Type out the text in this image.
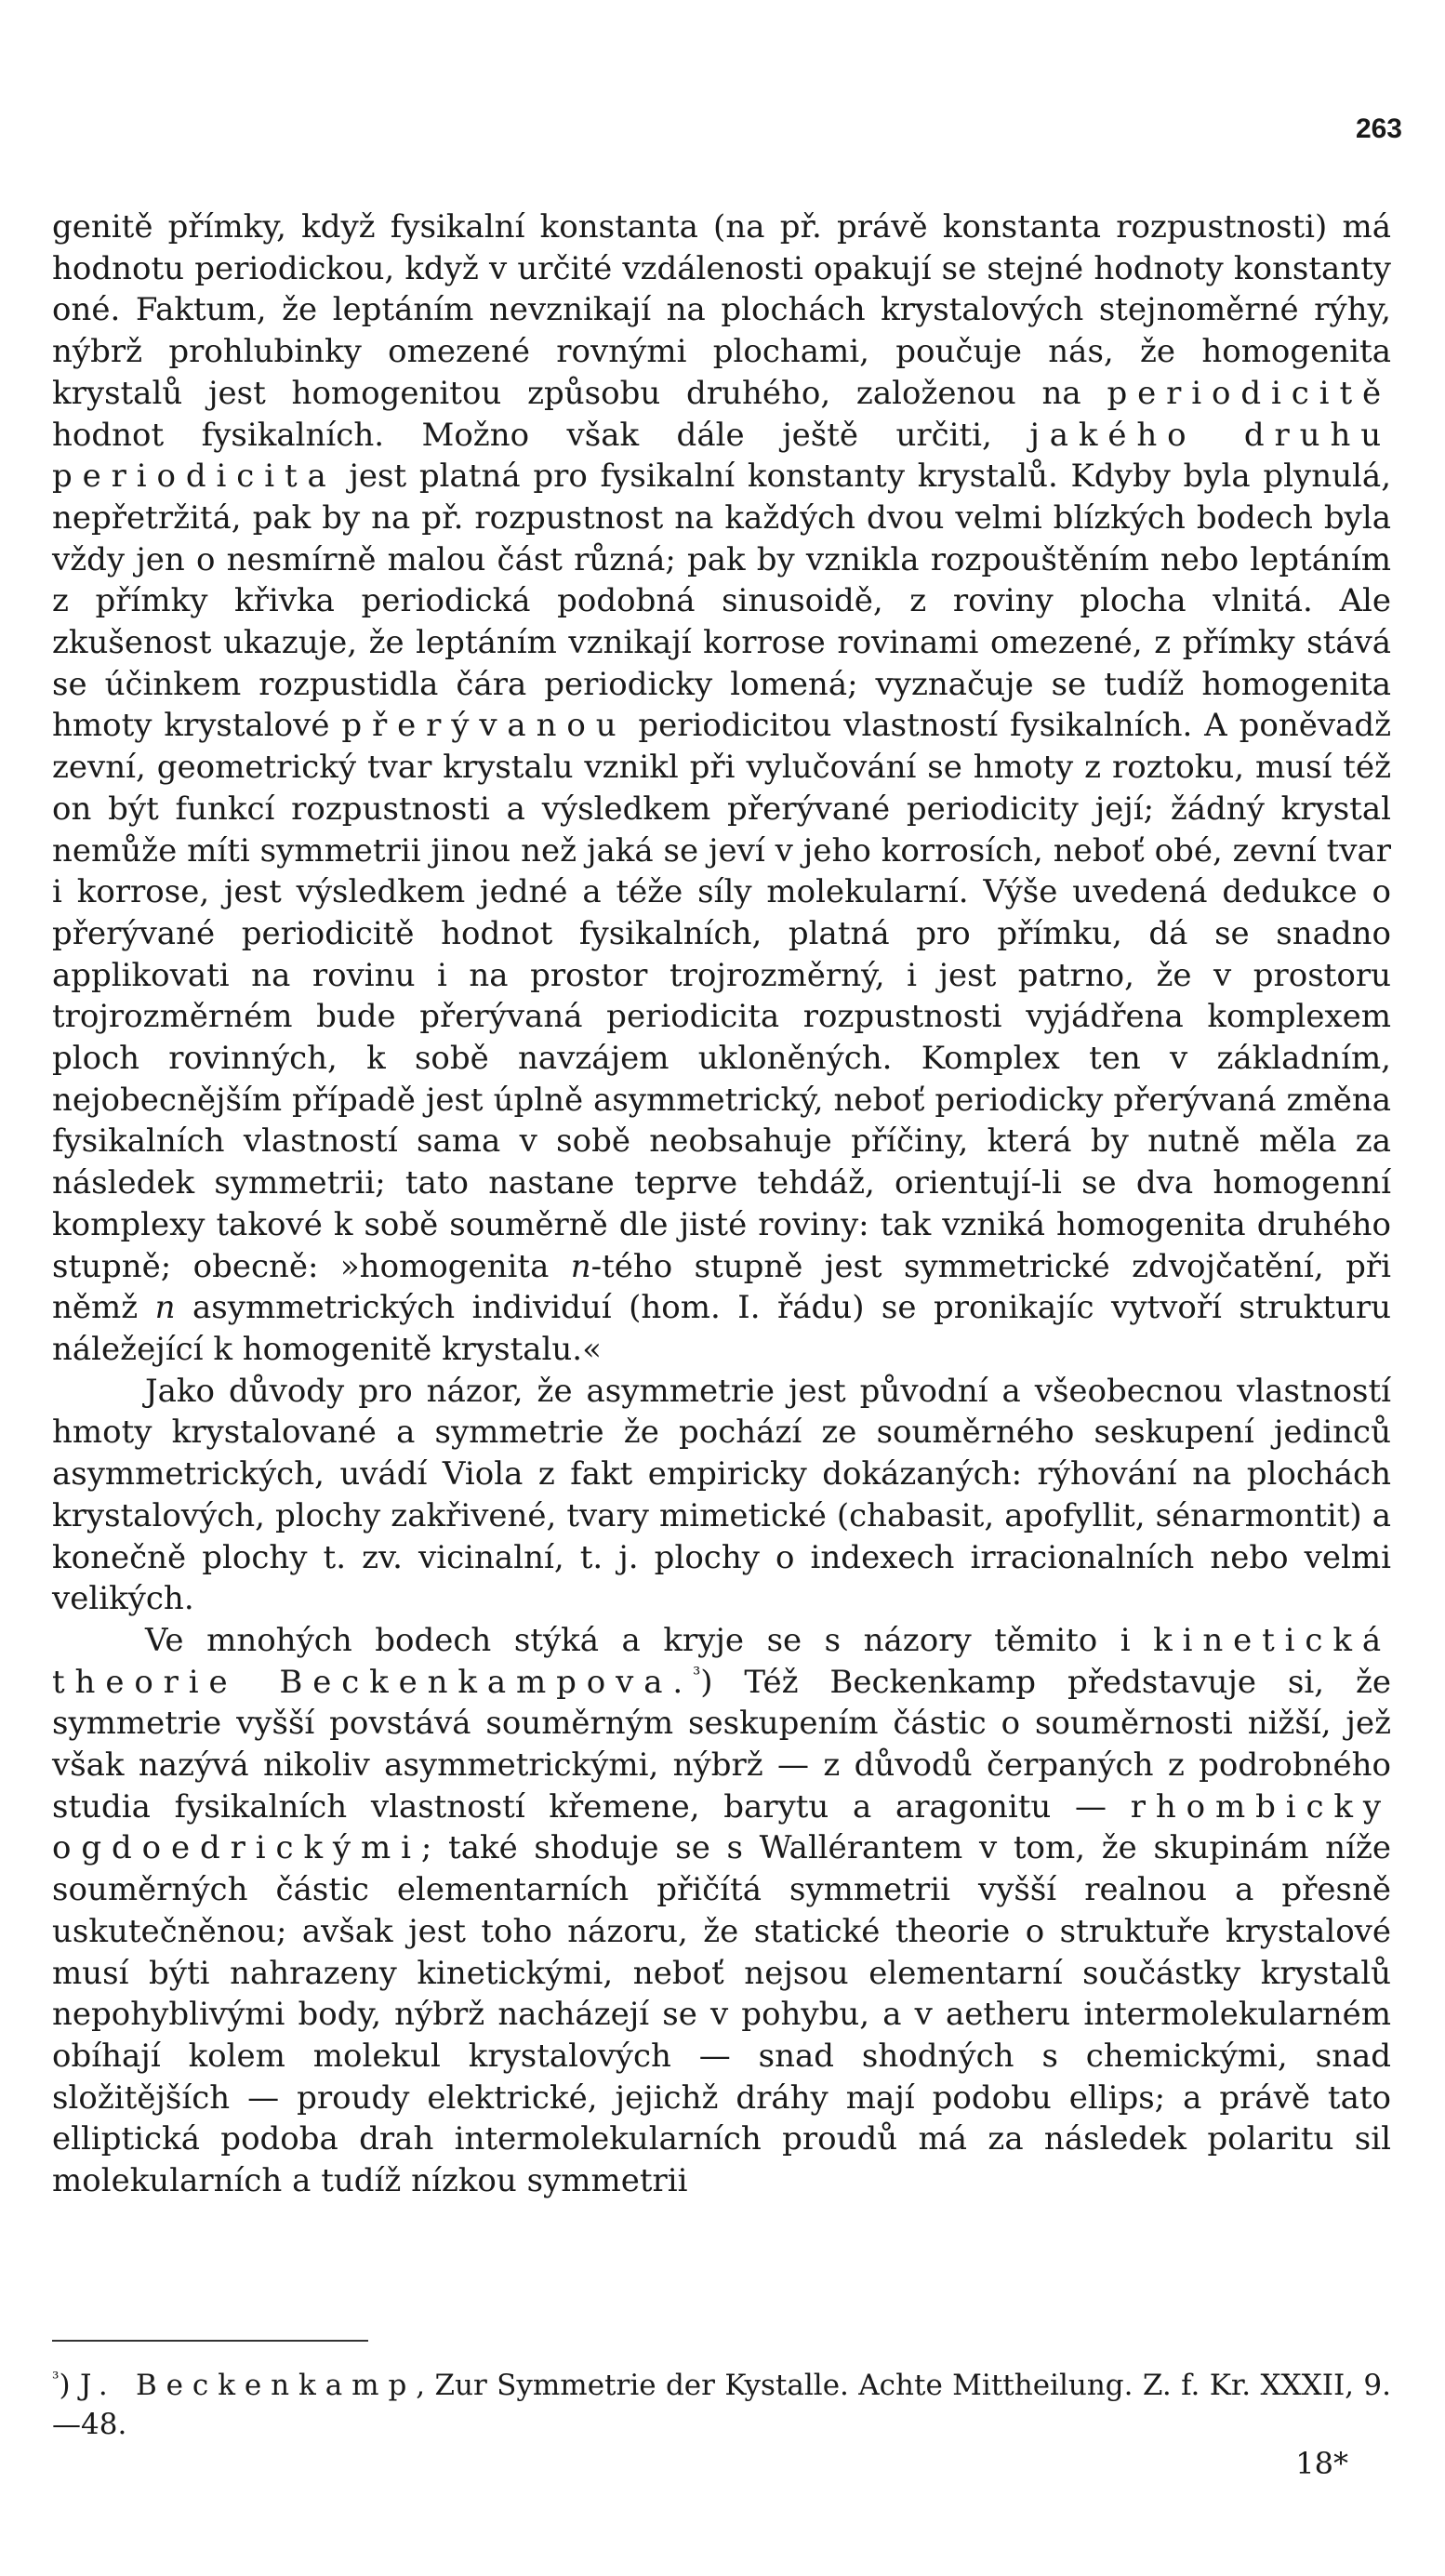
263

genitě přímky, když fysikalní konstanta (na př. právě konstanta rozpustnosti) má hodnotu periodickou, když v určité vzdálenosti opakují se stejné hodnoty konstanty oné. Faktum, že leptáním nevznikají na plochách krystalových stejnoměrné rýhy, nýbrž prohlubinky omezené rovnými plochami, poučuje nás, že homogenita krystalů jest homogenitou způsobu druhého, založenou na periodicitě hodnot fysikalních. Možno však dále ještě určiti, jakého druhu periodicita jest platná pro fysikalní konstanty krystalů. Kdyby byla plynulá, nepřetržitá, pak by na př. rozpustnost na každých dvou velmi blízkých bodech byla vždy jen o nesmírně malou část různá; pak by vznikla rozpouštěním nebo leptáním z přímky křivka periodická podobná sinusoidě, z roviny plocha vlnitá. Ale zkušenost ukazuje, že leptáním vznikají korrose rovinami omezené, z přímky stává se účinkem rozpustidla čára periodicky lomená; vyznačuje se tudíž homogenita hmoty krystalové přerývanou periodicitou vlastností fysikalních. A poněvadž zevní, geometrický tvar krystalu vznikl při vylučování se hmoty z roztoku, musí též on být funkcí rozpustnosti a výsledkem přerývané periodicity její; žádný krystal nemůže míti symmetrii jinou než jaká se jeví v jeho korrosích, neboť obé, zevní tvar i korrose, jest výsledkem jedné a téže síly molekularní. Výše uvedená dedukce o přerývané periodicitě hodnot fysikalních, platná pro přímku, dá se snadno applikovati na rovinu i na prostor trojrozměrný, i jest patrno, že v prostoru trojrozměrném bude přerývaná periodicita rozpustnosti vyjádřena komplexem ploch rovinných, k sobě navzájem ukloněných. Komplex ten v základním, nejobecnějším případě jest úplně asymmetrický, neboť periodicky přerývaná změna fysikalních vlastností sama v sobě neobsahuje příčiny, která by nutně měla za následek symmetrii; tato nastane teprve tehdáž, orientují-li se dva homogenní komplexy takové k sobě souměrně dle jisté roviny: tak vzniká homogenita druhého stupně; obecně: »homogenita n-tého stupně jest symmetrické zdvojčatění, při němž n asymmetrických individuí (hom. I. řádu) se pronikajíc vytvoří strukturu náležející k homogenitě krystalu.«

Jako důvody pro názor, že asymmetrie jest původní a všeobecnou vlastností hmoty krystalované a symmetrie že pochází ze souměrného seskupení jedinců asymmetrických, uvádí Viola z fakt empiricky dokázaných: rýhování na plochách krystalových, plochy zakřivené, tvary mimetické (chabasit, apofyllit, sénarmontit) a konečně plochy t. zv. vicinalní, t. j. plochy o indexech irracionalních nebo velmi velikých.

Ve mnohých bodech stýká a kryje se s názory těmito i kinetická theorie Beckenkampova.$^{^3}$) Též Beckenkamp představuje si, že symmetrie vyšší povstává souměrným seskupením částic o souměrnosti nižší, jež však nazývá nikoliv asymmetrickými, nýbrž — z důvodů čerpaných z podrobného studia fysikalních vlastností křemene, barytu a aragonitu — rhombicky ogdoedrickými; také shoduje se s Wallérantem v tom, že skupinám níže souměrných částic elementarních přičítá symmetrii vyšší realnou a přesně uskutečněnou; avšak jest toho názoru, že statické theorie o struktuře krystalové musí býti nahrazeny kinetickými, neboť nejsou elementarní součástky krystalů nepohyblivými body, nýbrž nacházejí se v pohybu, a v aetheru intermolekularném obíhají kolem molekul krystalových — snad shodných s chemickými, snad složitějších — proudy elektrické, jejichž dráhy mají podobu ellips; a právě tato elliptická podoba drah intermolekularních proudů má za následek polaritu sil molekularních a tudíž nízkou symmetrii

$^{^3}$) J. Beckenkamp, Zur Symmetrie der Kystalle. Achte Mittheilung. Z. f. Kr. XXXII, 9.—48.
18*
